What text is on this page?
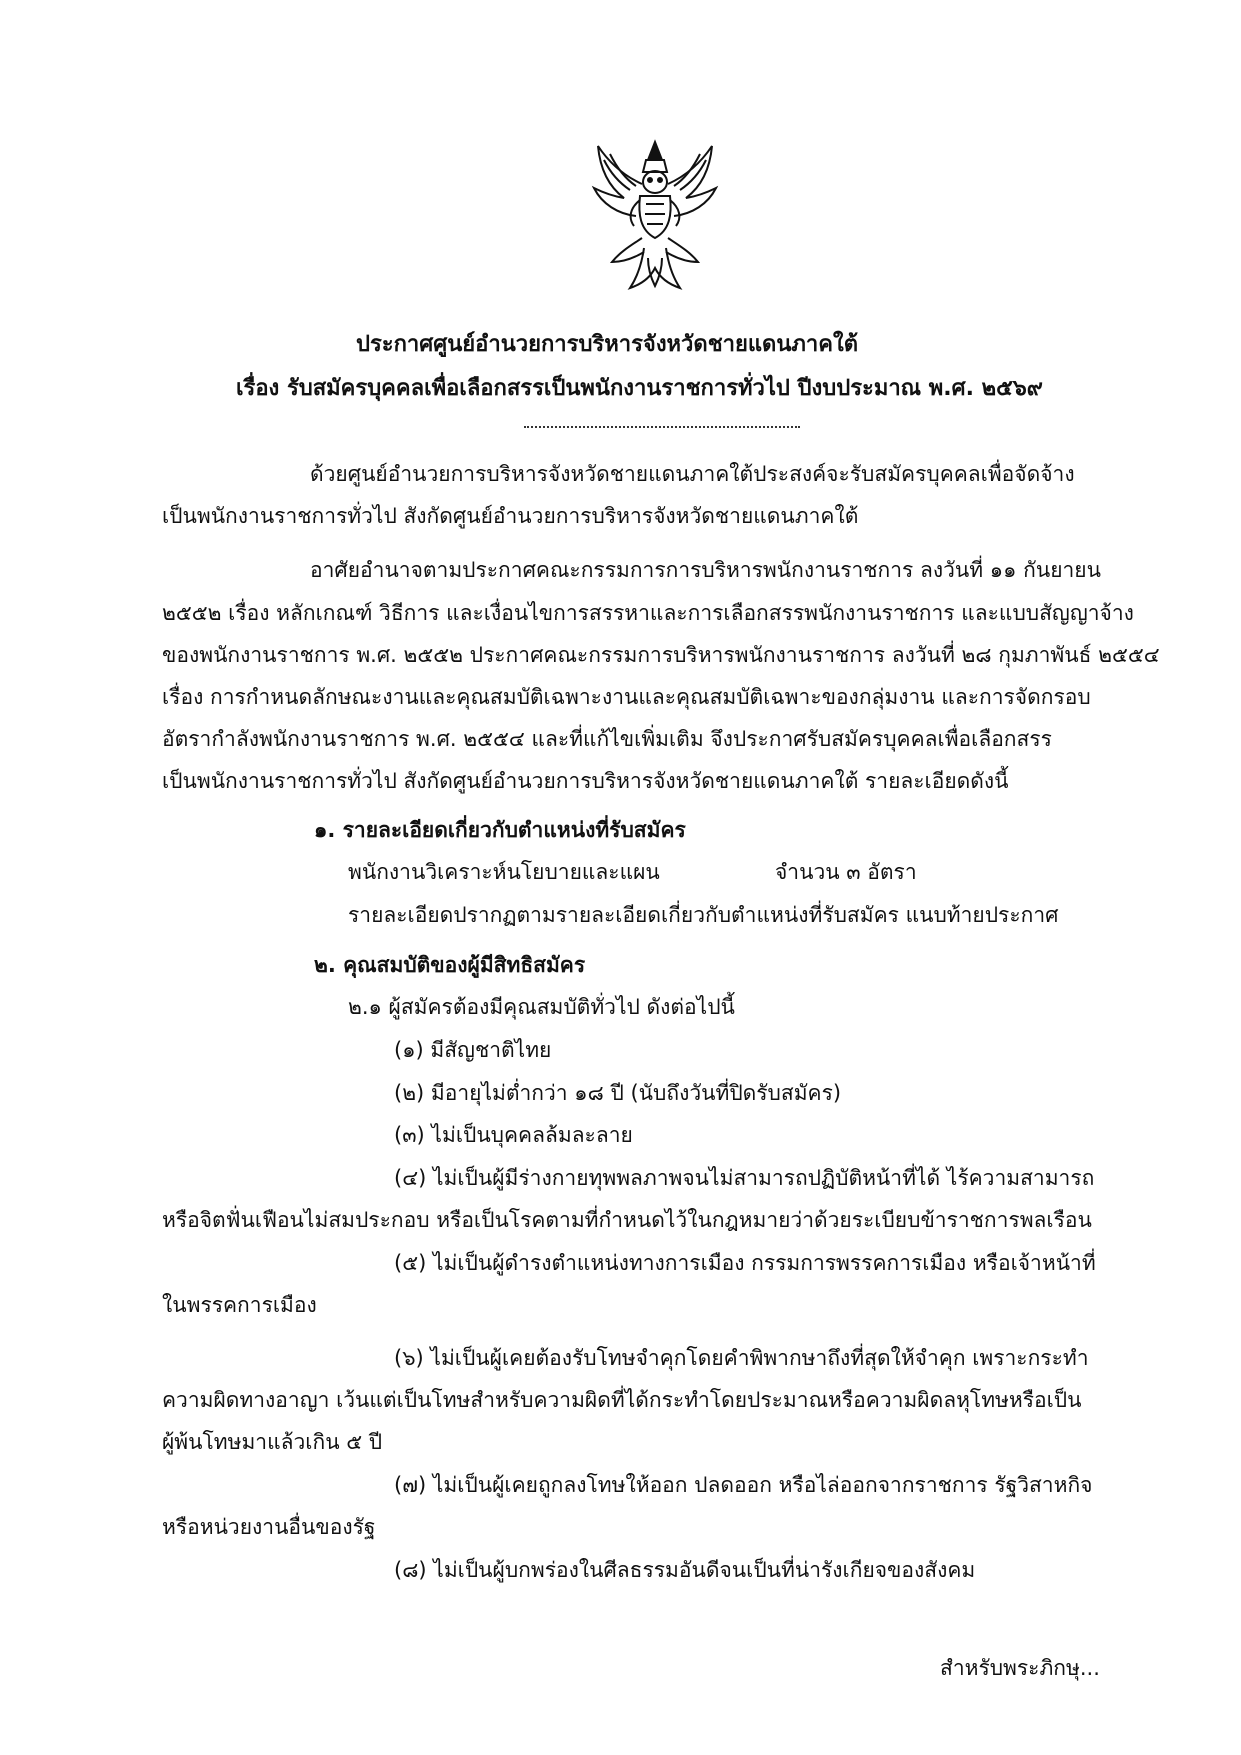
ประกาศศูนย์อำนวยการบริหารจังหวัดชายแดนภาคใต้
เรื่อง รับสมัครบุคคลเพื่อเลือกสรรเป็นพนักงานราชการทั่วไป ปีงบประมาณ พ.ศ. ๒๕๖๙
ด้วยศูนย์อำนวยการบริหารจังหวัดชายแดนภาคใต้ประสงค์จะรับสมัครบุคคลเพื่อจัดจ้าง
เป็นพนักงานราชการทั่วไป สังกัดศูนย์อำนวยการบริหารจังหวัดชายแดนภาคใต้
อาศัยอำนาจตามประกาศคณะกรรมการการบริหารพนักงานราชการ ลงวันที่ ๑๑ กันยายน
๒๕๕๒ เรื่อง หลักเกณฑ์ วิธีการ และเงื่อนไขการสรรหาและการเลือกสรรพนักงานราชการ และแบบสัญญาจ้าง
ของพนักงานราชการ พ.ศ. ๒๕๕๒ ประกาศคณะกรรมการบริหารพนักงานราชการ ลงวันที่ ๒๘ กุมภาพันธ์ ๒๕๕๔
เรื่อง การกำหนดลักษณะงานและคุณสมบัติเฉพาะงานและคุณสมบัติเฉพาะของกลุ่มงาน และการจัดกรอบ
อัตรากำลังพนักงานราชการ พ.ศ. ๒๕๕๔ และที่แก้ไขเพิ่มเติม จึงประกาศรับสมัครบุคคลเพื่อเลือกสรร
เป็นพนักงานราชการทั่วไป สังกัดศูนย์อำนวยการบริหารจังหวัดชายแดนภาคใต้ รายละเอียดดังนี้
๑. รายละเอียดเกี่ยวกับตำแหน่งที่รับสมัคร
พนักงานวิเคราะห์นโยบายและแผน	จำนวน ๓ อัตรา
รายละเอียดปรากฏตามรายละเอียดเกี่ยวกับตำแหน่งที่รับสมัคร แนบท้ายประกาศ
๒. คุณสมบัติของผู้มีสิทธิสมัคร
๒.๑ ผู้สมัครต้องมีคุณสมบัติทั่วไป ดังต่อไปนี้
(๑) มีสัญชาติไทย
(๒) มีอายุไม่ต่ำกว่า ๑๘ ปี (นับถึงวันที่ปิดรับสมัคร)
(๓) ไม่เป็นบุคคลล้มละลาย
(๔) ไม่เป็นผู้มีร่างกายทุพพลภาพจนไม่สามารถปฏิบัติหน้าที่ได้ ไร้ความสามารถ
หรือจิตฟั่นเฟือนไม่สมประกอบ หรือเป็นโรคตามที่กำหนดไว้ในกฎหมายว่าด้วยระเบียบข้าราชการพลเรือน
(๕) ไม่เป็นผู้ดำรงตำแหน่งทางการเมือง กรรมการพรรคการเมือง หรือเจ้าหน้าที่
ในพรรคการเมือง
(๖) ไม่เป็นผู้เคยต้องรับโทษจำคุกโดยคำพิพากษาถึงที่สุดให้จำคุก เพราะกระทำ
ความผิดทางอาญา เว้นแต่เป็นโทษสำหรับความผิดที่ได้กระทำโดยประมาณหรือความผิดลหุโทษหรือเป็น
ผู้พ้นโทษมาแล้วเกิน ๕ ปี
(๗) ไม่เป็นผู้เคยถูกลงโทษให้ออก ปลดออก หรือไล่ออกจากราชการ รัฐวิสาหกิจ
หรือหน่วยงานอื่นของรัฐ
(๘) ไม่เป็นผู้บกพร่องในศีลธรรมอันดีจนเป็นที่น่ารังเกียจของสังคม
สำหรับพระภิกษุ...
